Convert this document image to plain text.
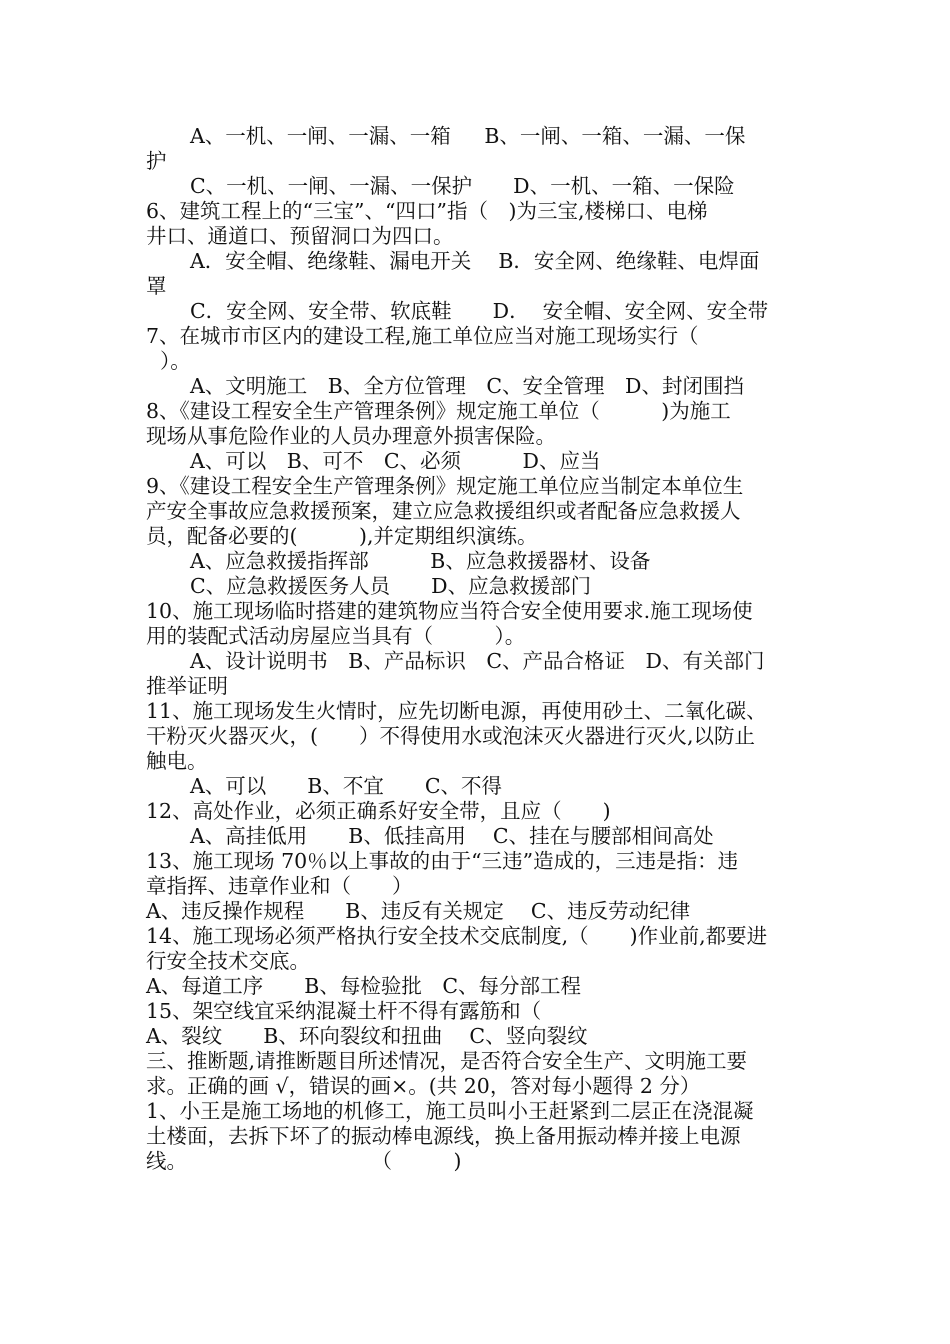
A、一机、一闸、一漏、一箱　  B、一闸、一箱、一漏、一保

护

C、一机、一闸、一漏、一保护　　D、一机、一箱、一保险

6、建筑工程上的“三宝”、“四口”指（　)为三宝,楼梯口、电梯

井口、通道口、预留洞口为四口。

A．安全帽、绝缘鞋、漏电开关　 B．安全网、绝缘鞋、电焊面

罩

C．安全网、安全带、软底鞋　　D．  安全帽、安全网、安全带

7、在城市市区内的建设工程,施工单位应当对施工现场实行（

）。

A、文明施工　B、全方位管理　C、安全管理　D、封闭围挡

8、《建设工程安全生产管理条例》规定施工单位（　　　)为施工

现场从事危险作业的人员办理意外损害保险。

A、可以　B、可不　C、必须　　　D、应当

9、《建设工程安全生产管理条例》规定施工单位应当制定本单位生

产安全事故应急救援预案，建立应急救援组织或者配备应急救援人

员，配备必要的(　　　),并定期组织演练。

A、应急救援指挥部　　　B、应急救援器材、设备

C、应急救援医务人员　　D、应急救援部门

10、施工现场临时搭建的建筑物应当符合安全使用要求.施工现场使

用的装配式活动房屋应当具有（　　　）。

A、设计说明书　B、产品标识　C、产品合格证　D、有关部门

推举证明

11、施工现场发生火情时，应先切断电源，再使用砂土、二氧化碳、

干粉灭火器灭火，(　　）不得使用水或泡沫灭火器进行灭火,以防止

触电。

A、可以　　B、不宜　　C、不得

12、高处作业，必须正确系好安全带，且应（　　)

A、高挂低用　　B、低挂高用　 C、挂在与腰部相间高处

13、施工现场 70％以上事故的由于“三违”造成的，三违是指：违

章指挥、违章作业和（　　）

A、违反操作规程　　B、违反有关规定　 C、违反劳动纪律

14、施工现场必须严格执行安全技术交底制度,（　　)作业前,都要进

行安全技术交底。

A、每道工序　　B、每检验批　C、每分部工程

15、架空线宜采纳混凝土杆不得有露筋和（

A、裂纹　　B、环向裂纹和扭曲　 C、竖向裂纹

三、推断题,请推断题目所述情况，是否符合安全生产、文明施工要

求。正确的画 √，错误的画×。(共 20，答对每小题得 2 分）

1、小王是施工场地的机修工，施工员叫小王赶紧到二层正在浇混凝

土楼面，去拆下坏了的振动棒电源线，换上备用振动棒并接上电源

线。　　　　　　　　　　（　　　)
